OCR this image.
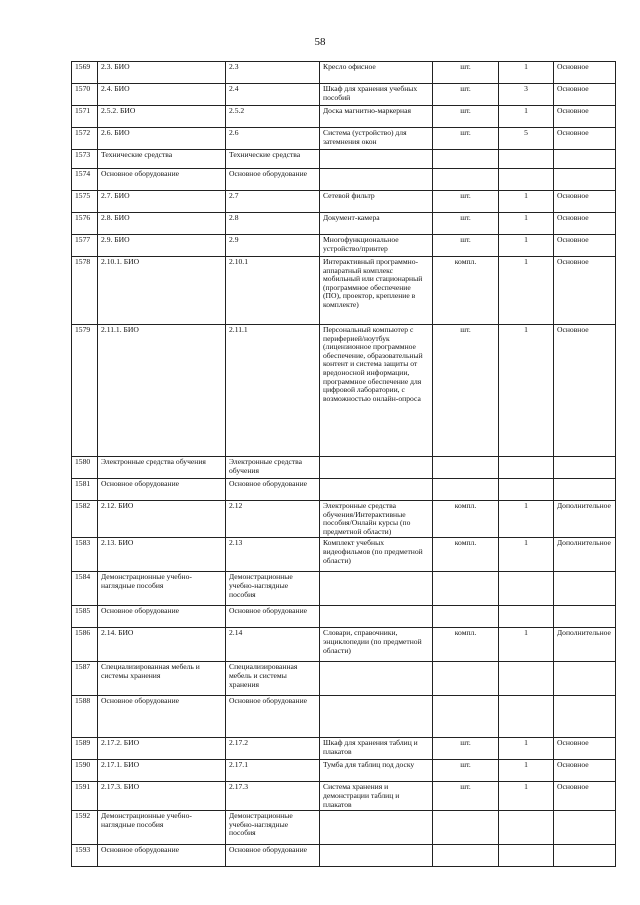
58
1569	2.3. БИО	2.3	Кресло офисное	шт.	1	Основное
1570	2.4. БИО	2.4	Шкаф для хранения учебных пособий	шт.	3	Основное
1571	2.5.2. БИО	2.5.2	Доска магнитно-маркерная	шт.	1	Основное
1572	2.6. БИО	2.6	Система (устройство) для затемнения окон	шт.	5	Основное
1573	Технические средства	Технические средства				
1574	Основное оборудование	Основное оборудование				
1575	2.7. БИО	2.7	Сетевой фильтр	шт.	1	Основное
1576	2.8. БИО	2.8	Документ-камера	шт.	1	Основное
1577	2.9. БИО	2.9	Многофункциональное устройство/принтер	шт.	1	Основное
1578	2.10.1. БИО	2.10.1	Интерактивный программно-аппаратный комплекс мобильный или стационарный (программное обеспечение (ПО), проектор, крепление в комплекте)	компл.	1	Основное
1579	2.11.1. БИО	2.11.1	Персональный компьютер с периферией/ноутбук (лицензионное программное обеспечение, образовательный контент и система защиты от вредоносной информации, программное обеспечение для цифровой лаборатории, с возможностью онлайн-опроса	шт.	1	Основное
1580	Электронные средства обучения	Электронные средства обучения				
1581	Основное оборудование	Основное оборудование				
1582	2.12. БИО	2.12	Электронные средства обучения/Интерактивные пособия/Онлайн курсы (по предметной области)	компл.	1	Дополнительное
1583	2.13. БИО	2.13	Комплект учебных видеофильмов (по предметной области)	компл.	1	Дополнительное
1584	Демонстрационные учебно-наглядные пособия	Демонстрационные учебно-наглядные пособия				
1585	Основное оборудование	Основное оборудование				
1586	2.14. БИО	2.14	Словари, справочники, энциклопедии (по предметной области)	компл.	1	Дополнительное
1587	Специализированная мебель и системы хранения	Специализированная мебель и системы хранения				
1588	Основное оборудование	Основное оборудование				
1589	2.17.2. БИО	2.17.2	Шкаф для хранения таблиц и плакатов	шт.	1	Основное
1590	2.17.1. БИО	2.17.1	Тумба для таблиц под доску	шт.	1	Основное
1591	2.17.3. БИО	2.17.3	Система хранения и демонстрации таблиц и плакатов	шт.	1	Основное
1592	Демонстрационные учебно-наглядные пособия	Демонстрационные учебно-наглядные пособия				
1593	Основное оборудование	Основное оборудование				
